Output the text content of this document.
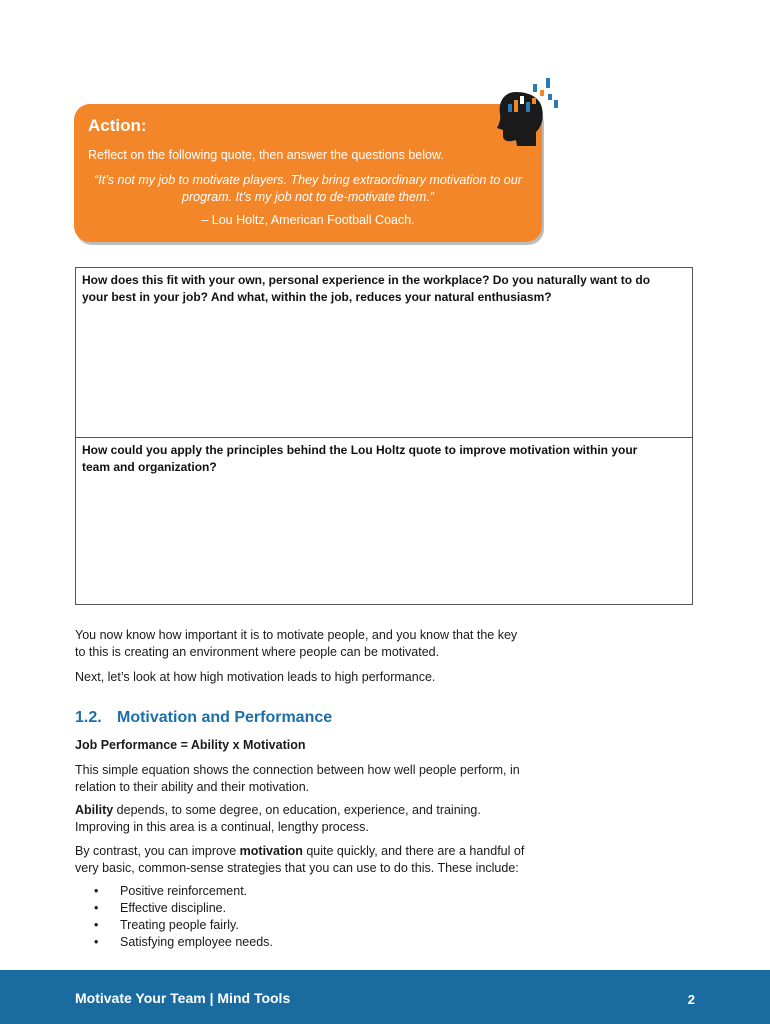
Action:
Reflect on the following quote, then answer the questions below.
“It’s not my job to motivate players. They bring extraordinary motivation to our
program. It’s my job not to de-motivate them.”
– Lou Holtz, American Football Coach.
How does this fit with your own, personal experience in the workplace? Do you naturally want to do
your best in your job? And what, within the job, reduces your natural enthusiasm?
How could you apply the principles behind the Lou Holtz quote to improve motivation within your
team and organization?
You now know how important it is to motivate people, and you know that the key
to this is creating an environment where people can be motivated.
Next, let’s look at how high motivation leads to high performance.
1.2. Motivation and Performance
Job Performance = Ability x Motivation
This simple equation shows the connection between how well people perform, in
relation to their ability and their motivation.
Ability depends, to some degree, on education, experience, and training.
Improving in this area is a continual, lengthy process.
By contrast, you can improve motivation quite quickly, and there are a handful of
very basic, common-sense strategies that you can use to do this. These include:
• Positive reinforcement.
• Effective discipline.
• Treating people fairly.
• Satisfying employee needs.
Motivate Your Team | Mind Tools	2
